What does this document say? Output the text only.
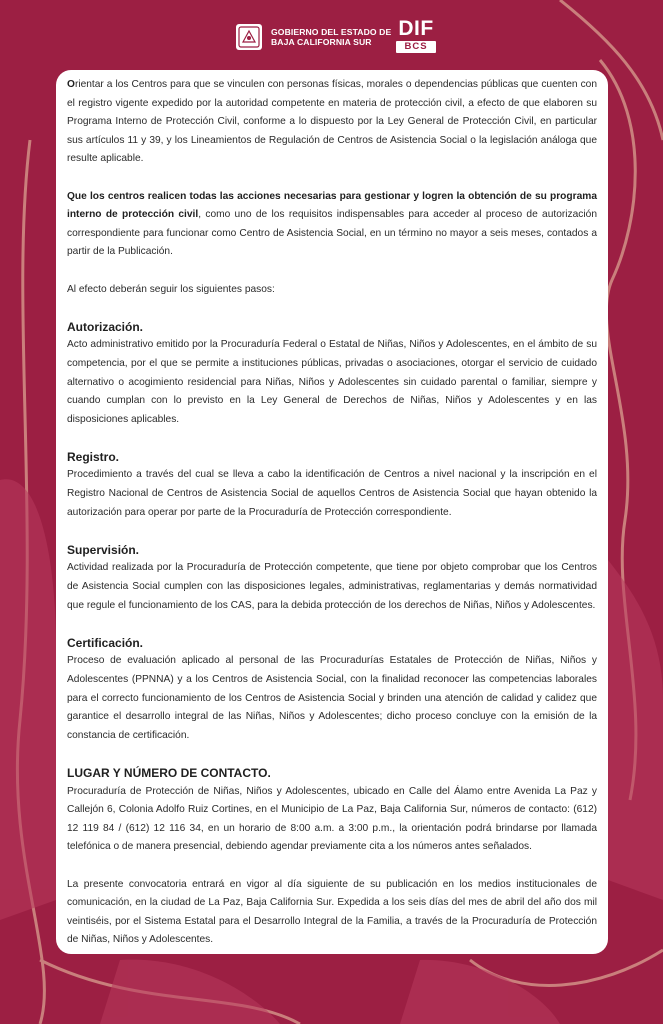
GOBIERNO DEL ESTADO DE
BAJA CALIFORNIA SUR
DIF
BCS

Orientar a los Centros para que se vinculen con personas físicas, morales o dependencias públicas que cuenten con el registro vigente expedido por la autoridad competente en materia de protección civil, a efecto de que elaboren su Programa Interno de Protección Civil, conforme a lo dispuesto por la Ley General de Protección Civil, en particular sus artículos 11 y 39, y los Lineamientos de Regulación de Centros de Asistencia Social o la legislación análoga que resulte aplicable.

Que los centros realicen todas las acciones necesarias para gestionar y logren la obtención de su programa interno de protección civil, como uno de los requisitos indispensables para acceder al proceso de autorización correspondiente para funcionar como Centro de Asistencia Social, en un término no mayor a seis meses, contados a partir de la Publicación.

Al efecto deberán seguir los siguientes pasos:

Autorización.

Acto administrativo emitido por la Procuraduría Federal o Estatal de Niñas, Niños y Adolescentes, en el ámbito de su competencia, por el que se permite a instituciones públicas, privadas o asociaciones, otorgar el servicio de cuidado alternativo o acogimiento residencial para Niñas, Niños y Adolescentes sin cuidado parental o familiar, siempre y cuando cumplan con lo previsto en la Ley General de Derechos de Niñas, Niños y Adolescentes y en las disposiciones aplicables.

Registro.

Procedimiento a través del cual se lleva a cabo la identificación de Centros a nivel nacional y la inscripción en el Registro Nacional de Centros de Asistencia Social de aquellos Centros de Asistencia Social que hayan obtenido la autorización para operar por parte de la Procuraduría de Protección correspondiente.

Supervisión.

Actividad realizada por la Procuraduría de Protección competente, que tiene por objeto comprobar que los Centros de Asistencia Social cumplen con las disposiciones legales, administrativas, reglamentarias y demás normatividad que regule el funcionamiento de los CAS, para la debida protección de los derechos de Niñas, Niños y Adolescentes.

Certificación.

Proceso de evaluación aplicado al personal de las Procuradurías Estatales de Protección de Niñas, Niños y Adolescentes (PPNNA) y a los Centros de Asistencia Social, con la finalidad reconocer las competencias laborales para el correcto funcionamiento de los Centros de Asistencia Social y brinden una atención de calidad y calidez que garantice el desarrollo integral de las Niñas, Niños y Adolescentes; dicho proceso concluye con la emisión de la constancia de certificación.

LUGAR Y NÚMERO DE CONTACTO.

Procuraduría de Protección de Niñas, Niños y Adolescentes, ubicado en Calle del Álamo entre Avenida La Paz y Callejón 6, Colonia Adolfo Ruiz Cortines, en el Municipio de La Paz, Baja California Sur, números de contacto: (612) 12 119 84 / (612) 12 116 34, en un horario de 8:00 a.m. a 3:00 p.m., la orientación podrá brindarse por llamada telefónica o de manera presencial, debiendo agendar previamente cita a los números antes señalados.

La presente convocatoria entrará en vigor al día siguiente de su publicación en los medios institucionales de comunicación, en la ciudad de La Paz, Baja California Sur. Expedida a los seis días del mes de abril del año dos mil veintiséis, por el Sistema Estatal para el Desarrollo Integral de la Familia, a través de la Procuraduría de Protección de Niñas, Niños y Adolescentes.
